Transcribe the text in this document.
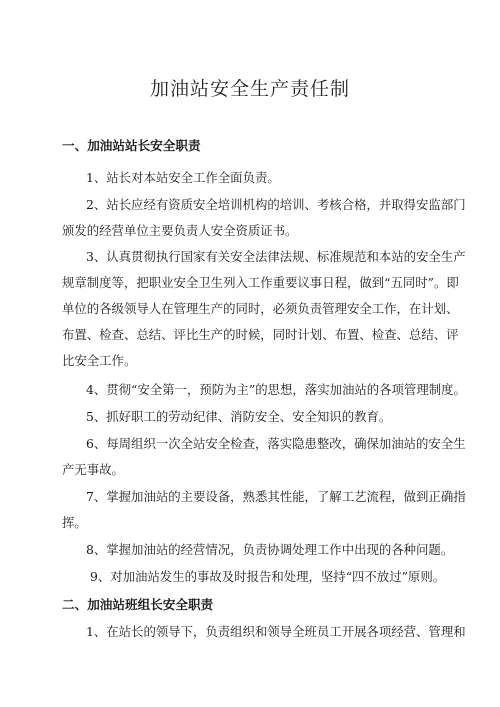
加油站安全生产责任制
一、加油站站长安全职责
1、站长对本站安全工作全面负责。
2、站长应经有资质安全培训机构的培训、考核合格，并取得安监部门
颁发的经营单位主要负责人安全资质证书。
3、认真贯彻执行国家有关安全法律法规、标准规范和本站的安全生产
规章制度等，把职业安全卫生列入工作重要议事日程，做到“五同时”。即
单位的各级领导人在管理生产的同时，必须负责管理安全工作，在计划、
布置、检查、总结、评比生产的时候，同时计划、布置、检查、总结、评
比安全工作。
4、贯彻“安全第一，预防为主”的思想，落实加油站的各项管理制度。
5、抓好职工的劳动纪律、消防安全、安全知识的教育。
6、每周组织一次全站安全检查，落实隐患整改，确保加油站的安全生
产无事故。
7、掌握加油站的主要设备，熟悉其性能，了解工艺流程，做到正确指
挥。
8、掌握加油站的经营情况，负责协调处理工作中出现的各种问题。
9、对加油站发生的事故及时报告和处理，坚持“四不放过”原则。
二、加油站班组长安全职责
1、在站长的领导下，负责组织和领导全班员工开展各项经营、管理和
